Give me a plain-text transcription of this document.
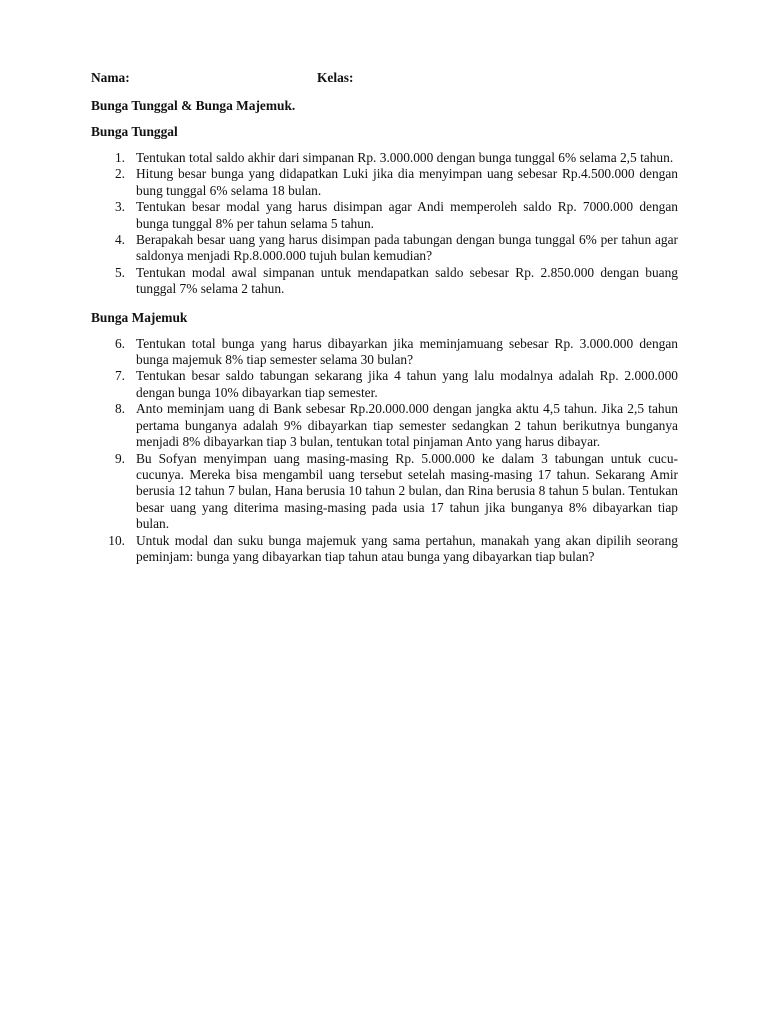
Nama:	Kelas:
Bunga Tunggal & Bunga Majemuk.
Bunga Tunggal
1. Tentukan total saldo akhir dari simpanan Rp. 3.000.000 dengan bunga tunggal 6% selama 2,5 tahun.
2. Hitung besar bunga yang didapatkan Luki jika dia menyimpan uang sebesar Rp.4.500.000 dengan bung tunggal 6% selama 18 bulan.
3. Tentukan besar modal yang harus disimpan agar Andi memperoleh saldo Rp. 7000.000 dengan bunga tunggal 8% per tahun selama 5 tahun.
4. Berapakah besar uang yang harus disimpan pada tabungan dengan bunga tunggal 6% per tahun agar saldonya menjadi Rp.8.000.000 tujuh bulan kemudian?
5. Tentukan modal awal simpanan untuk mendapatkan saldo sebesar Rp. 2.850.000 dengan buang tunggal 7% selama 2 tahun.
Bunga Majemuk
6. Tentukan total bunga yang harus dibayarkan jika meminjamuang sebesar Rp. 3.000.000 dengan bunga majemuk 8% tiap semester selama 30 bulan?
7. Tentukan besar saldo tabungan sekarang jika 4 tahun yang lalu modalnya adalah Rp. 2.000.000 dengan bunga 10% dibayarkan tiap semester.
8. Anto meminjam uang di Bank sebesar Rp.20.000.000 dengan jangka aktu 4,5 tahun. Jika 2,5 tahun pertama bunganya adalah 9% dibayarkan tiap semester sedangkan 2 tahun berikutnya bunganya menjadi 8% dibayarkan tiap 3 bulan, tentukan total pinjaman Anto yang harus dibayar.
9. Bu Sofyan menyimpan uang masing-masing Rp. 5.000.000 ke dalam 3 tabungan untuk cucu-cucunya. Mereka bisa mengambil uang tersebut setelah masing-masing 17 tahun. Sekarang Amir berusia 12 tahun 7 bulan, Hana berusia 10 tahun 2 bulan, dan Rina berusia 8 tahun 5 bulan. Tentukan besar uang yang diterima masing-masing pada usia 17 tahun jika bunganya 8% dibayarkan tiap bulan.
10. Untuk modal dan suku bunga majemuk yang sama pertahun, manakah yang akan dipilih seorang peminjam: bunga yang dibayarkan tiap tahun atau bunga yang dibayarkan tiap bulan?
